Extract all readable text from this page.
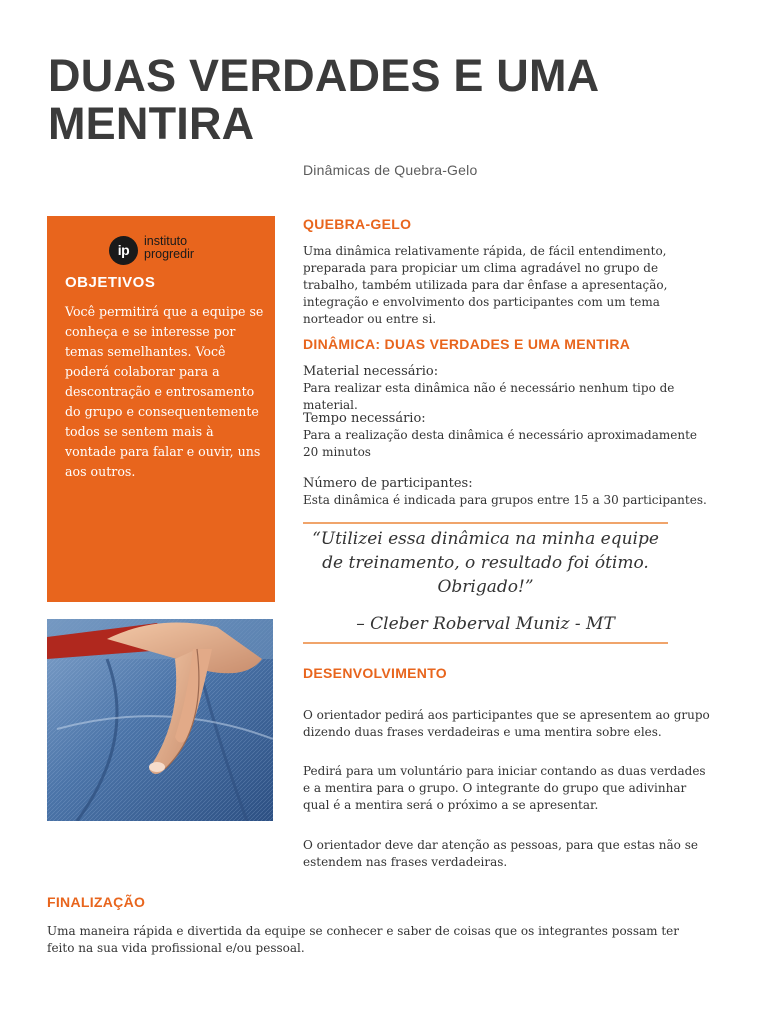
DUAS VERDADES E UMA MENTIRA
Dinâmicas de Quebra-Gelo
ip
instituto
progredir
OBJETIVOS
Você permitirá que a equipe se conheça e se interesse por temas semelhantes. Você poderá colaborar para a descontração e entrosamento do grupo e consequentemente todos se sentem mais à vontade para falar e ouvir, uns aos outros.
QUEBRA-GELO
Uma dinâmica relativamente rápida, de fácil entendimento, preparada para propiciar um clima agradável no grupo de trabalho, também utilizada para dar ênfase a apresentação, integração e envolvimento dos participantes com um tema norteador ou entre si.
DINÂMICA: DUAS VERDADES E UMA MENTIRA
Material necessário:
Para realizar esta dinâmica não é necessário nenhum tipo de material.
Tempo necessário:
Para a realização desta dinâmica é necessário aproximadamente 20 minutos
Número de participantes:
Esta dinâmica é indicada para grupos entre 15 a 30 participantes.
“Utilizei essa dinâmica na minha equipe de treinamento, o resultado foi ótimo. Obrigado!”
– Cleber Roberval Muniz - MT
DESENVOLVIMENTO
O orientador pedirá aos participantes que se apresentem ao grupo dizendo duas frases verdadeiras e uma mentira sobre eles.
Pedirá para um voluntário para iniciar contando as duas verdades e a mentira para o grupo. O integrante do grupo que adivinhar qual é a mentira será o próximo a se apresentar.
O orientador deve dar atenção as pessoas, para que estas não se estendem nas frases verdadeiras.
FINALIZAÇÃO
Uma maneira rápida e divertida da equipe se conhecer e saber de coisas que os integrantes possam ter feito na sua vida profissional e/ou pessoal.
